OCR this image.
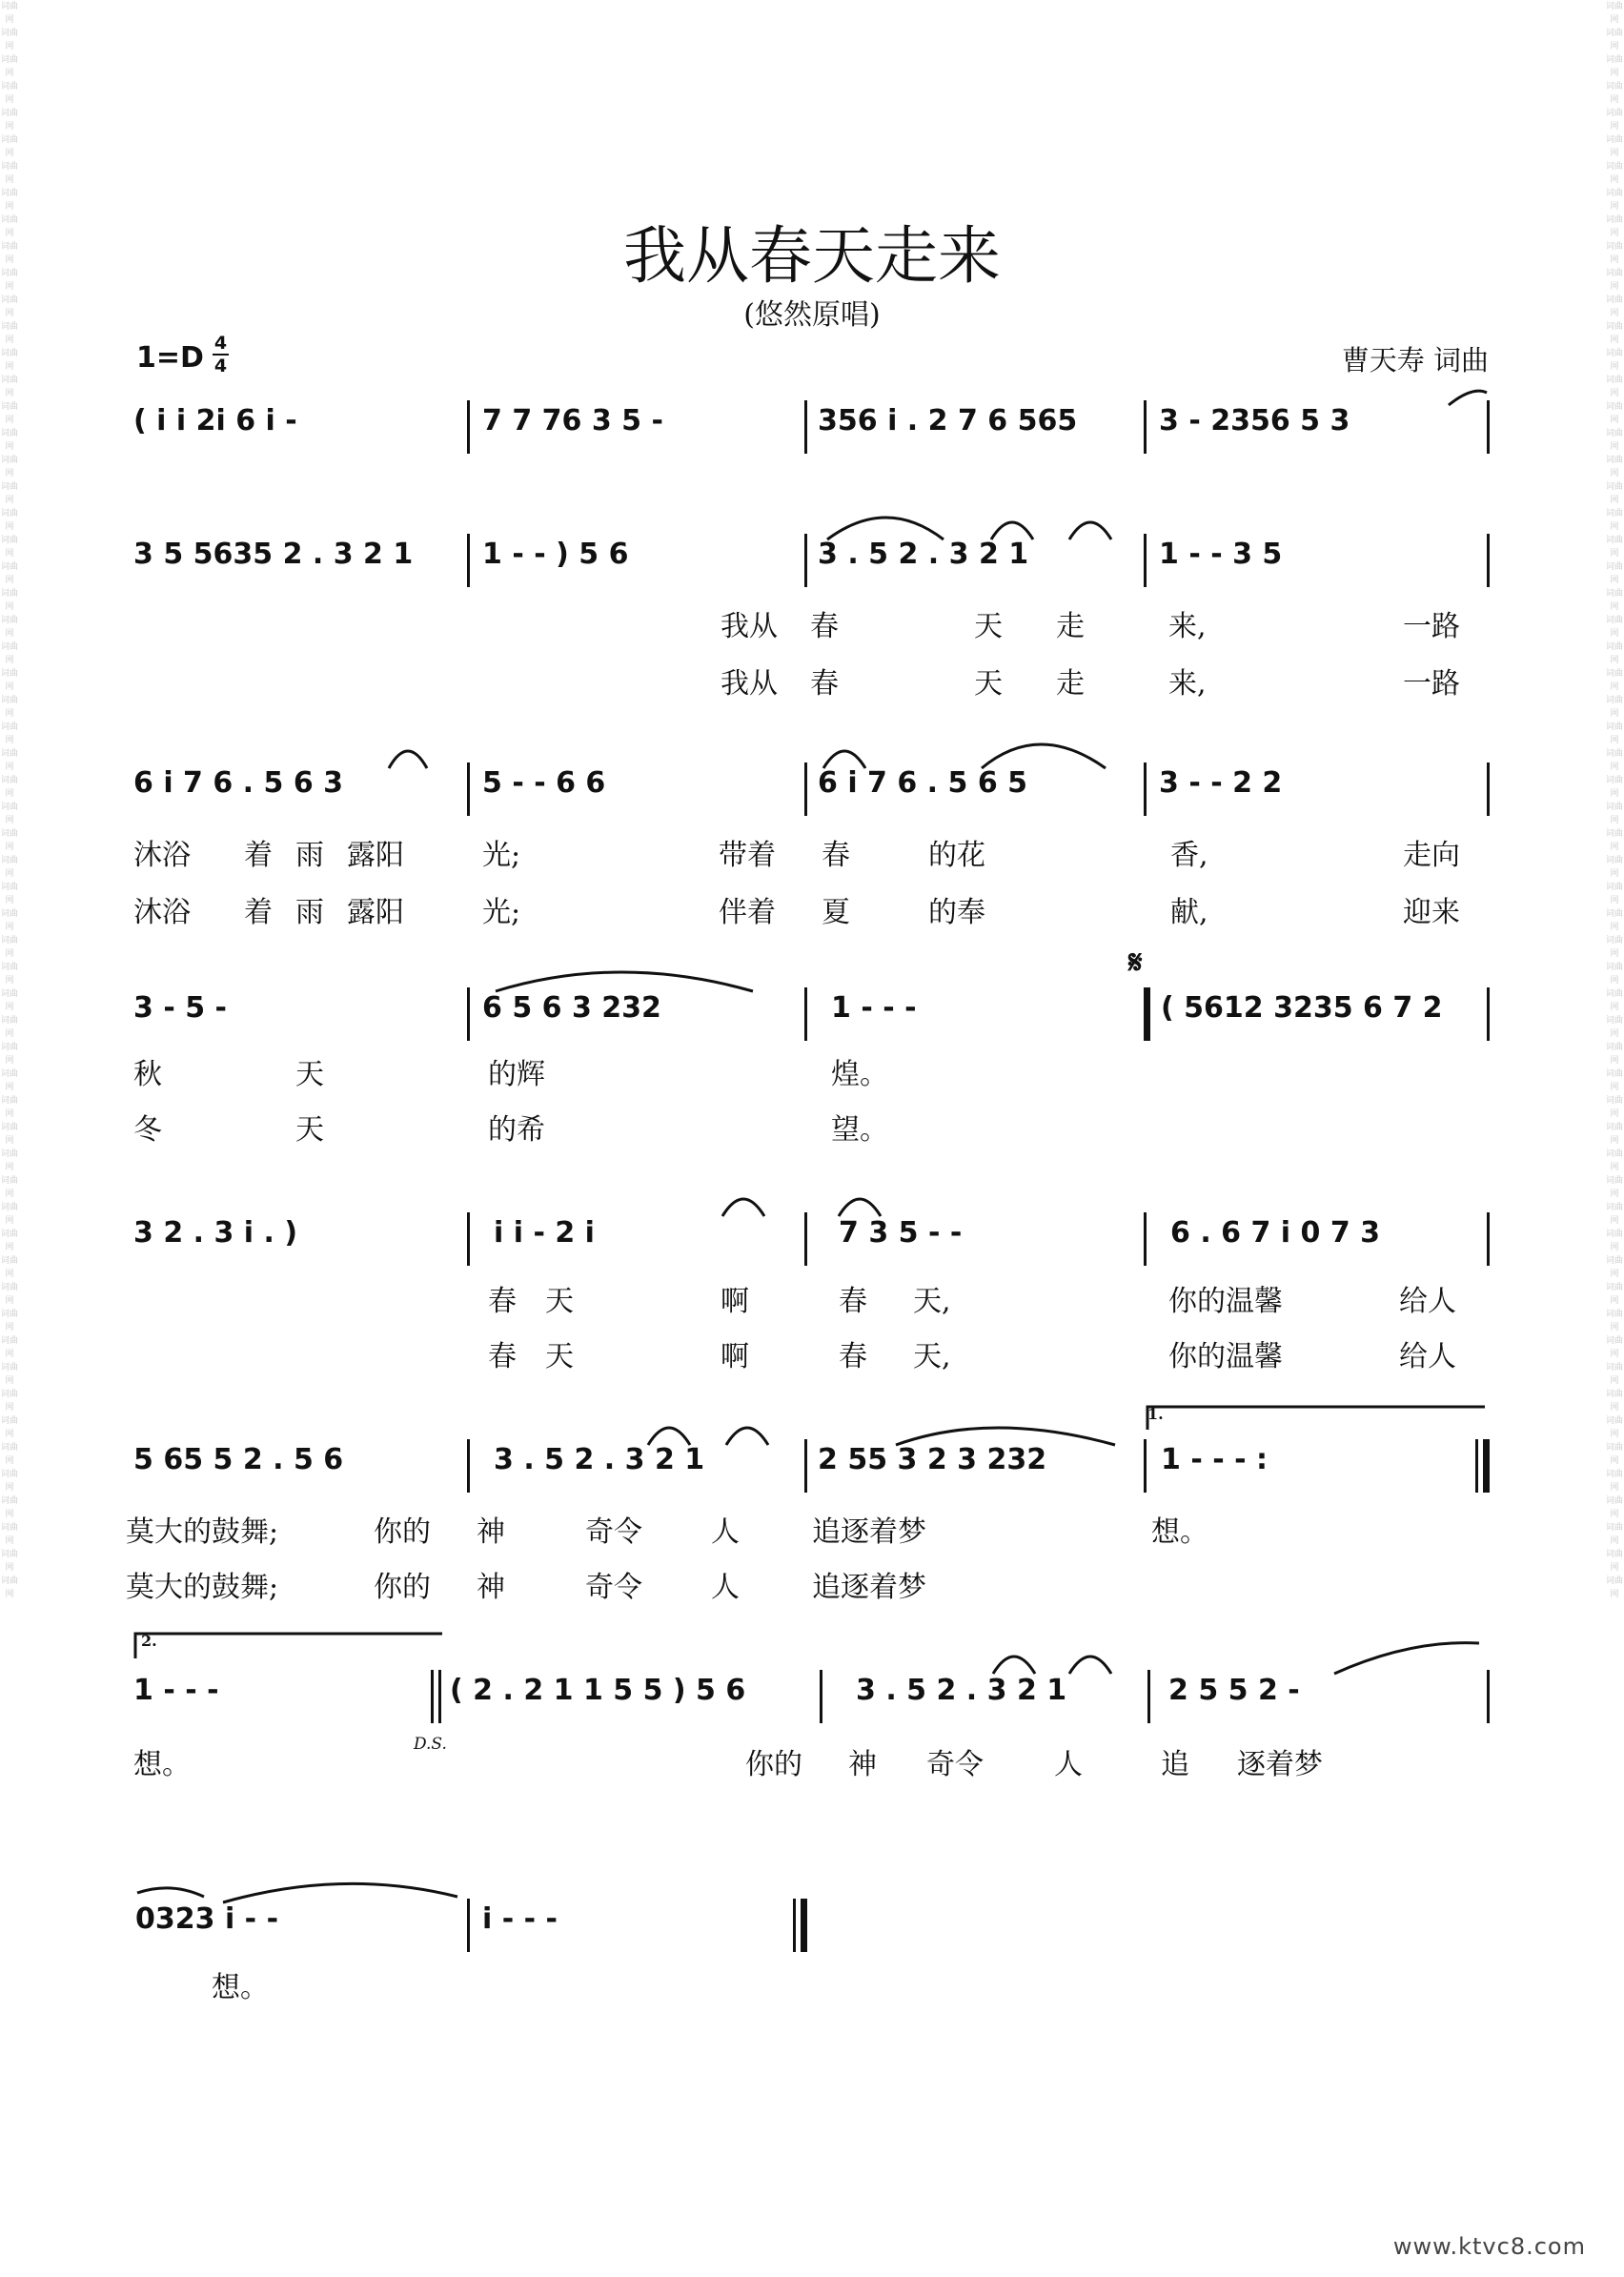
词曲网 词曲网 词曲网 词曲网 词曲网 词曲网 词曲网 词曲网 词曲网 词曲网 词曲网 词曲网 词曲网 词曲网 词曲网 词曲网 词曲网 词曲网 词曲网 词曲网 词曲网 词曲网 词曲网 词曲网 词曲网 词曲网 词曲网 词曲网 词曲网 词曲网 词曲网 词曲网 词曲网 词曲网 词曲网 词曲网 词曲网 词曲网 词曲网 词曲网 词曲网 词曲网 词曲网 词曲网 词曲网 词曲网 词曲网 词曲网 词曲网 词曲网 词曲网 词曲网 词曲网 词曲网 词曲网 词曲网 词曲网 词曲网 词曲网 词曲网
词曲网 词曲网 词曲网 词曲网 词曲网 词曲网 词曲网 词曲网 词曲网 词曲网 词曲网 词曲网 词曲网 词曲网 词曲网 词曲网 词曲网 词曲网 词曲网 词曲网 词曲网 词曲网 词曲网 词曲网 词曲网 词曲网 词曲网 词曲网 词曲网 词曲网 词曲网 词曲网 词曲网 词曲网 词曲网 词曲网 词曲网 词曲网 词曲网 词曲网 词曲网 词曲网 词曲网 词曲网 词曲网 词曲网 词曲网 词曲网 词曲网 词曲网 词曲网 词曲网 词曲网 词曲网 词曲网 词曲网 词曲网 词曲网 词曲网 词曲网
我从春天走来
(悠然原唱)
1=D 4
4	曹天寿 词曲
( i i 2i 6 i -	7 7 76 3 5 -	356 i . 2 7 6 565	3 - 2356 5 3
3 5 5635 2 . 3 2 1 1 - - ) 5 6	3 . 5 2 . 3 2 1	1 - - 3 5
我从 春	天 走	来,	一路
我从 春	天 走	来,	一路
6 i 7 6 . 5 6 3	5 - - 6 6	6 i 7 6 . 5 6 5	3 - - 2 2
沐浴 着 雨 露阳	光;	带着 春	的花	香,	走向
沐浴 着 雨 露阳	光;	伴着 夏	的奉	献,	迎来
𝄋
3 - 5 -	6 5 6 3 232	1 - - -	( 5612 3235 6 7 2
秋	天	的辉	煌。
冬	天	的希	望。
3 2 . 3 i . )	i i - 2 i	7 3 5 - -	6 . 6 7 i 0 7 3
春 天	啊	春 天,	你的温馨	给人
春 天	啊	春 天,	你的温馨	给人
1.
5 65 5 2 . 5 6	3 . 5 2 . 3 2 1	2 55 3 2 3 232	1 - - - :
莫大的鼓舞;	你的 神	奇令 人	追逐着梦	想。
莫大的鼓舞;	你的 神	奇令 人	追逐着梦
2.
1 - - -	( 2 . 2 1 1 5 5 ) 5 6	3 . 5 2 . 3 2 1	2 5 5 2 -
D.S.
想。	你的 神 奇令 人	追 逐着梦
0323 i - -	i - - -
想。
www.ktvc8.com
